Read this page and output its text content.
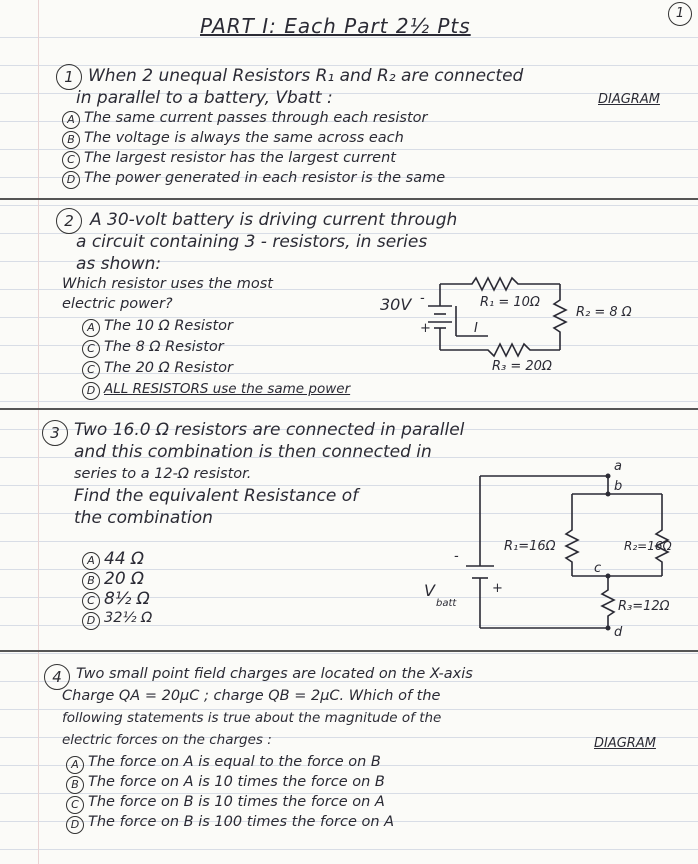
1
PART I: Each Part 2½ Pts
1 When 2 unequal Resistors R₁ and R₂ are connected
in parallel to a battery, Vbatt :	DIAGRAM
A The same current passes through each resistor
B The voltage is always the same across each
C The largest resistor has the largest current
D The power generated in each resistor is the same
2 A 30-volt battery is driving current through
a circuit containing 3 - resistors, in series
as shown:
Which resistor uses the most
electric power?
A The 10 Ω Resistor
C The 8 Ω Resistor
C The 20 Ω Resistor
D ALL RESISTORS use the same power
30V -
+	I
R₁ = 10Ω
R₂ = 8 Ω
R₃ = 20Ω
3 Two 16.0 Ω resistors are connected in parallel
and this combination is then connected in
series to a 12-Ω resistor.
Find the equivalent Resistance of
the combination
A 44 Ω
B 20 Ω
C 8½ Ω
D 32½ Ω
a
b
c
d
R₁=16Ω	R₂=16Ω
R₃=12Ω
-
+
V
batt
4 Two small point field charges are located on the X-axis
Charge QA = 20μC ; charge QB = 2μC. Which of the
following statements is true about the magnitude of the
electric forces on the charges :	DIAGRAM
A The force on A is equal to the force on B
B The force on A is 10 times the force on B
C The force on B is 10 times the force on A
D The force on B is 100 times the force on A
